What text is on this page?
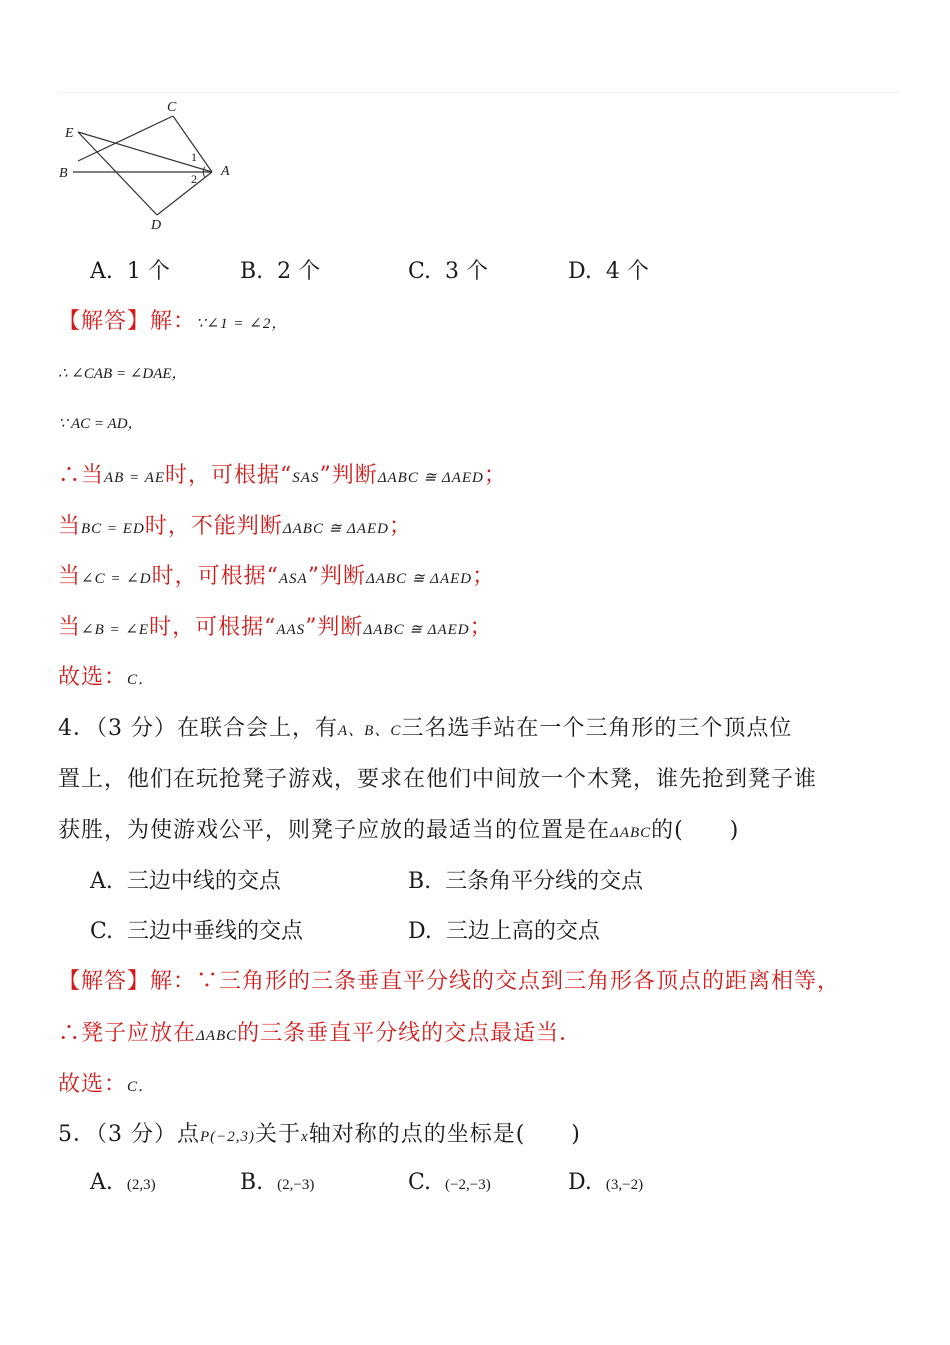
C
E
B	A
D
1
2
A. 1 个	B. 2 个	C. 3 个	D. 4 个
【解答】解：∵∠1 = ∠2，
∴ ∠CAB = ∠DAE，
∵ AC = AD，
∴当AB = AE时，可根据“SAS”判断ΔABC ≅ ΔAED；
当BC = ED时，不能判断ΔABC ≅ ΔAED；
当∠C = ∠D时，可根据“ASA”判断ΔABC ≅ ΔAED；
当∠B = ∠E时，可根据“AAS”判断ΔABC ≅ ΔAED；
故选：C．
4．（3 分）在联合会上，有A、B、C三名选手站在一个三角形的三个顶点位
置上，他们在玩抢凳子游戏，要求在他们中间放一个木凳，谁先抢到凳子谁
获胜，为使游戏公平，则凳子应放的最适当的位置是在ΔABC的(　　)
A. 三边中线的交点	B. 三条角平分线的交点
C. 三边中垂线的交点	D. 三边上高的交点
【解答】解：∵三角形的三条垂直平分线的交点到三角形各顶点的距离相等，
∴凳子应放在ΔABC的三条垂直平分线的交点最适当．
故选：C．
5．（3 分）点P(−2,3)关于x轴对称的点的坐标是(　　)
A. (2,3)	B. (2,−3)	C. (−2,−3)	D. (3,−2)
